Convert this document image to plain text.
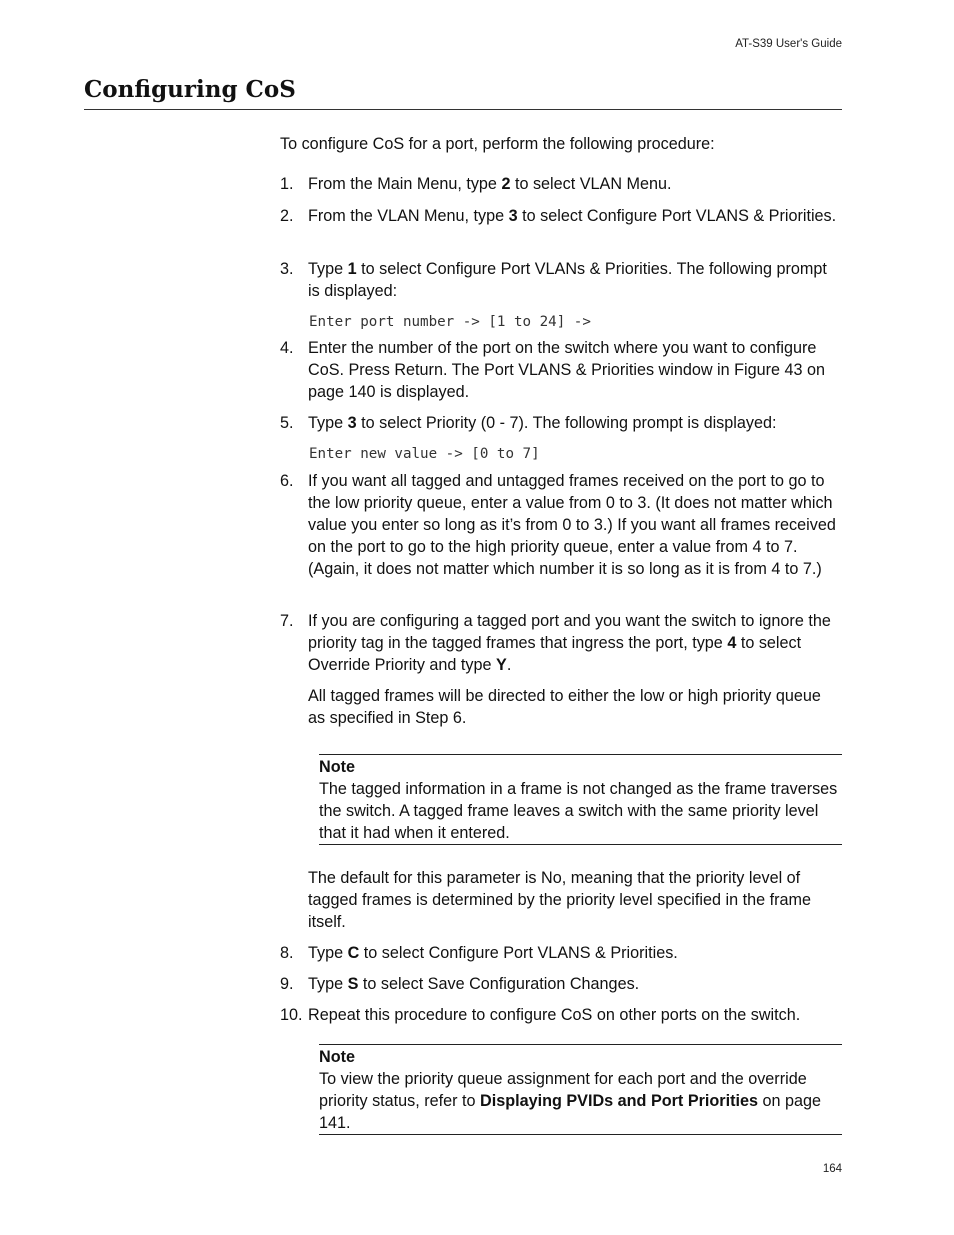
AT-S39 User's Guide
Configuring CoS

To configure CoS for a port, perform the following procedure:

1. From the Main Menu, type 2 to select VLAN Menu.
2. From the VLAN Menu, type 3 to select Configure Port VLANS & Priorities.
3. Type 1 to select Configure Port VLANs & Priorities. The following prompt is displayed:
Enter port number -> [1 to 24] ->
4. Enter the number of the port on the switch where you want to configure CoS. Press Return. The Port VLANS & Priorities window in Figure 43 on page 140 is displayed.
5. Type 3 to select Priority (0 - 7). The following prompt is displayed:
Enter new value -> [0 to 7]
6. If you want all tagged and untagged frames received on the port to go to the low priority queue, enter a value from 0 to 3. (It does not matter which value you enter so long as it’s from 0 to 3.) If you want all frames received on the port to go to the high priority queue, enter a value from 4 to 7. (Again, it does not matter which number it is so long as it is from 4 to 7.)
7. If you are configuring a tagged port and you want the switch to ignore the priority tag in the tagged frames that ingress the port, type 4 to select Override Priority and type Y.
All tagged frames will be directed to either the low or high priority queue as specified in Step 6.
Note
The tagged information in a frame is not changed as the frame traverses the switch. A tagged frame leaves a switch with the same priority level that it had when it entered.
The default for this parameter is No, meaning that the priority level of tagged frames is determined by the priority level specified in the frame itself.
8. Type C to select Configure Port VLANS & Priorities.
9. Type S to select Save Configuration Changes.
10. Repeat this procedure to configure CoS on other ports on the switch.
Note
To view the priority queue assignment for each port and the override priority status, refer to Displaying PVIDs and Port Priorities on page 141.
164
